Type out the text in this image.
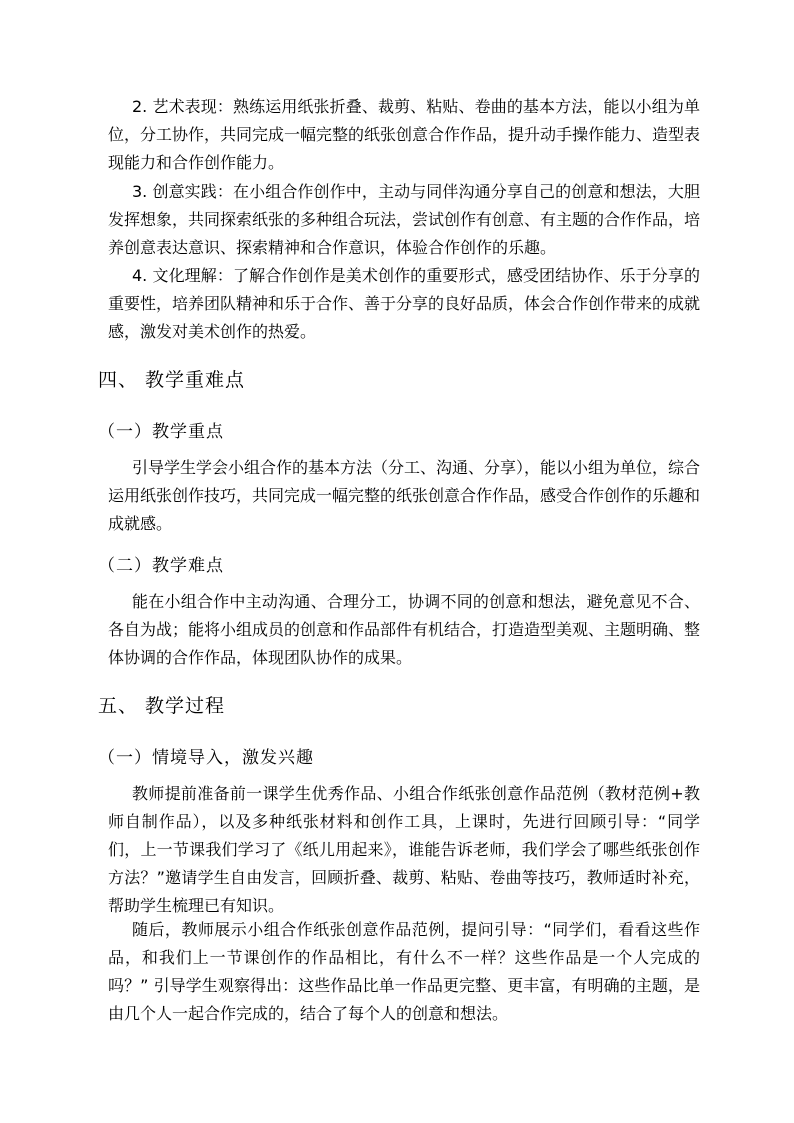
2. 艺术表现：熟练运用纸张折叠、裁剪、粘贴、卷曲的基本方法，能以小组为单位，分工协作，共同完成一幅完整的纸张创意合作作品，提升动手操作能力、造型表现能力和合作创作能力。

3. 创意实践：在小组合作创作中，主动与同伴沟通分享自己的创意和想法，大胆发挥想象，共同探索纸张的多种组合玩法，尝试创作有创意、有主题的合作作品，培养创意表达意识、探索精神和合作意识，体验合作创作的乐趣。

4. 文化理解：了解合作创作是美术创作的重要形式，感受团结协作、乐于分享的重要性，培养团队精神和乐于合作、善于分享的良好品质，体会合作创作带来的成就感，激发对美术创作的热爱。

四、 教学重难点
（一）教学重点

引导学生学会小组合作的基本方法（分工、沟通、分享），能以小组为单位，综合运用纸张创作技巧，共同完成一幅完整的纸张创意合作作品，感受合作创作的乐趣和成就感。

（二）教学难点

能在小组合作中主动沟通、合理分工，协调不同的创意和想法，避免意见不合、各自为战；能将小组成员的创意和作品部件有机结合，打造造型美观、主题明确、整体协调的合作作品，体现团队协作的成果。

五、 教学过程
（一）情境导入，激发兴趣

教师提前准备前一课学生优秀作品、小组合作纸张创意作品范例（教材范例+教师自制作品），以及多种纸张材料和创作工具，上课时，先进行回顾引导：“同学们，上一节课我们学习了《纸儿用起来》，谁能告诉老师，我们学会了哪些纸张创作方法？”邀请学生自由发言，回顾折叠、裁剪、粘贴、卷曲等技巧，教师适时补充，帮助学生梳理已有知识。

随后，教师展示小组合作纸张创意作品范例，提问引导：“同学们，看看这些作品，和我们上一节课创作的作品相比，有什么不一样？这些作品是一个人完成的吗？” 引导学生观察得出：这些作品比单一作品更完整、更丰富，有明确的主题，是由几个人一起合作完成的，结合了每个人的创意和想法。
